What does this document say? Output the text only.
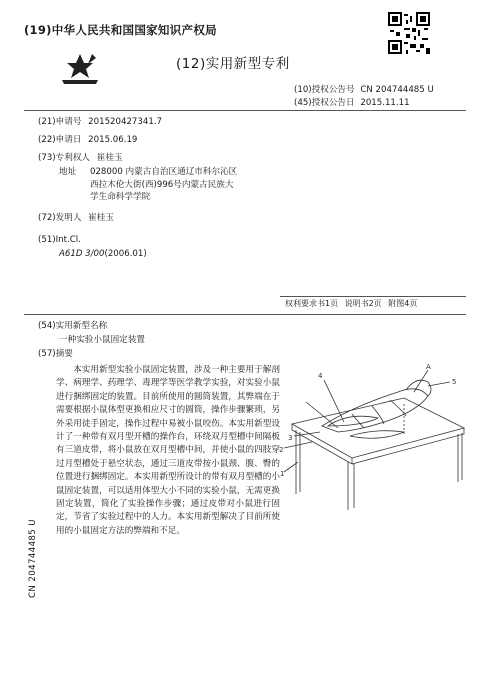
(19)中华人民共和国国家知识产权局
(12)实用新型专利
(10)授权公告号 CN 204744485 U
(45)授权公告日 2015.11.11
(21)申请号 201520427341.7
(22)申请日 2015.06.19
(73)专利权人 崔桂玉
地址 028000 内蒙古自治区通辽市科尔沁区
西拉木伦大街(西)996号内蒙古民族大
学生命科学学院
(72)发明人 崔桂玉
(51)Int.Cl.
A61D 3/00(2006.01)
权利要求书1页 说明书2页 附图4页
(54)实用新型名称
一种实验小鼠固定装置
(57)摘要

本实用新型实验小鼠固定装置，涉及一种主要用于解剖学、病理学、药理学、毒理学等医学教学实验，对实验小鼠进行捆绑固定的装置。目前所使用的圆筒装置，其弊端在于需要根据小鼠体型更换相应尺寸的圆筒，操作步骤繁琐，另外采用徒手固定，操作过程中易被小鼠咬伤。本实用新型设计了一种带有双月型开槽的操作台，环绕双月型槽中间隔板有三道皮带，将小鼠放在双月型槽中间，并使小鼠的四肢穿过月型槽处于悬空状态，通过三道皮带按小鼠颈、腹、臀的位置进行捆绑固定。本实用新型所设计的带有双月型槽的小鼠固定装置，可以适用体型大小不同的实验小鼠，无需更换固定装置，简化了实验操作步骤；通过皮带对小鼠进行固定，节省了实验过程中的人力。本实用新型解决了目前所使用的小鼠固定方法的弊端和不足。

1
2
3
4
5
A
CN 204744485 U
